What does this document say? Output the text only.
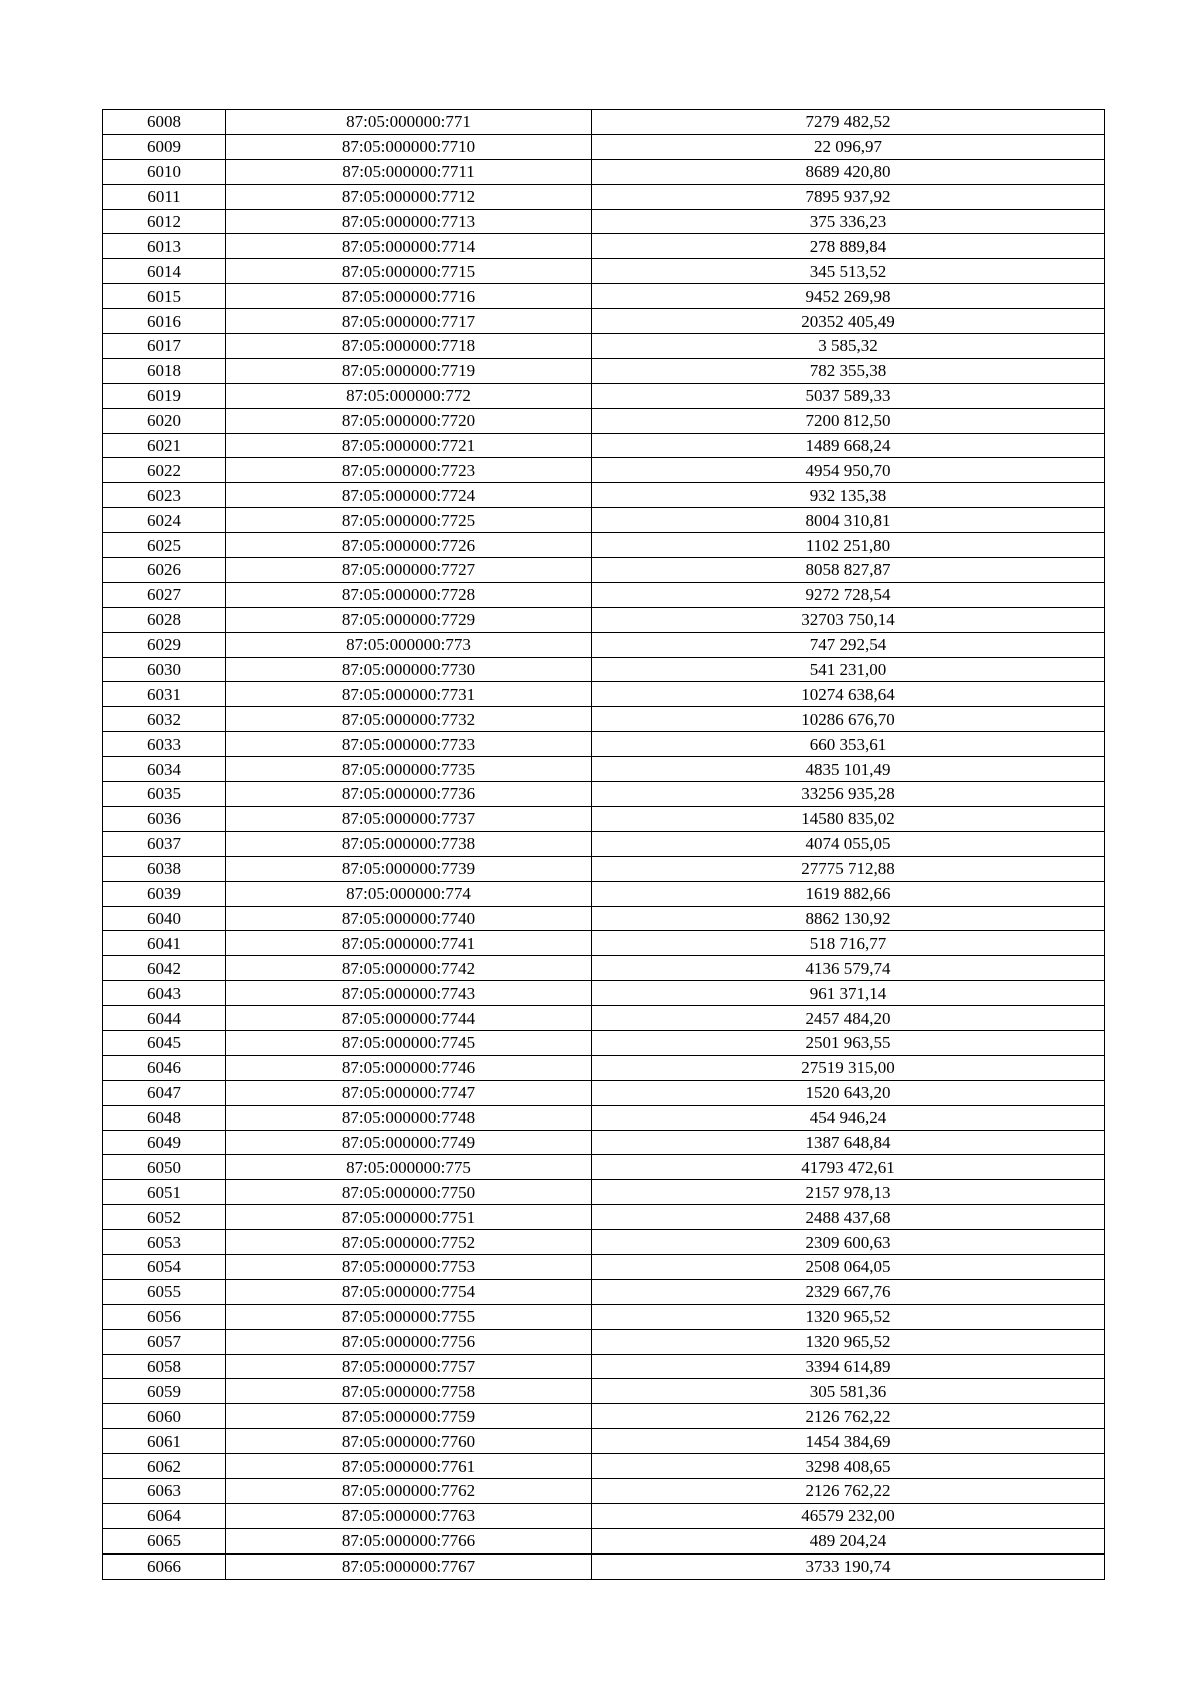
6008	87:05:000000:771	7279 482,52
6009	87:05:000000:7710	22 096,97
6010	87:05:000000:7711	8689 420,80
6011	87:05:000000:7712	7895 937,92
6012	87:05:000000:7713	375 336,23
6013	87:05:000000:7714	278 889,84
6014	87:05:000000:7715	345 513,52
6015	87:05:000000:7716	9452 269,98
6016	87:05:000000:7717	20352 405,49
6017	87:05:000000:7718	3 585,32
6018	87:05:000000:7719	782 355,38
6019	87:05:000000:772	5037 589,33
6020	87:05:000000:7720	7200 812,50
6021	87:05:000000:7721	1489 668,24
6022	87:05:000000:7723	4954 950,70
6023	87:05:000000:7724	932 135,38
6024	87:05:000000:7725	8004 310,81
6025	87:05:000000:7726	1102 251,80
6026	87:05:000000:7727	8058 827,87
6027	87:05:000000:7728	9272 728,54
6028	87:05:000000:7729	32703 750,14
6029	87:05:000000:773	747 292,54
6030	87:05:000000:7730	541 231,00
6031	87:05:000000:7731	10274 638,64
6032	87:05:000000:7732	10286 676,70
6033	87:05:000000:7733	660 353,61
6034	87:05:000000:7735	4835 101,49
6035	87:05:000000:7736	33256 935,28
6036	87:05:000000:7737	14580 835,02
6037	87:05:000000:7738	4074 055,05
6038	87:05:000000:7739	27775 712,88
6039	87:05:000000:774	1619 882,66
6040	87:05:000000:7740	8862 130,92
6041	87:05:000000:7741	518 716,77
6042	87:05:000000:7742	4136 579,74
6043	87:05:000000:7743	961 371,14
6044	87:05:000000:7744	2457 484,20
6045	87:05:000000:7745	2501 963,55
6046	87:05:000000:7746	27519 315,00
6047	87:05:000000:7747	1520 643,20
6048	87:05:000000:7748	454 946,24
6049	87:05:000000:7749	1387 648,84
6050	87:05:000000:775	41793 472,61
6051	87:05:000000:7750	2157 978,13
6052	87:05:000000:7751	2488 437,68
6053	87:05:000000:7752	2309 600,63
6054	87:05:000000:7753	2508 064,05
6055	87:05:000000:7754	2329 667,76
6056	87:05:000000:7755	1320 965,52
6057	87:05:000000:7756	1320 965,52
6058	87:05:000000:7757	3394 614,89
6059	87:05:000000:7758	305 581,36
6060	87:05:000000:7759	2126 762,22
6061	87:05:000000:7760	1454 384,69
6062	87:05:000000:7761	3298 408,65
6063	87:05:000000:7762	2126 762,22
6064	87:05:000000:7763	46579 232,00
6065	87:05:000000:7766	489 204,24
6066	87:05:000000:7767	3733 190,74
